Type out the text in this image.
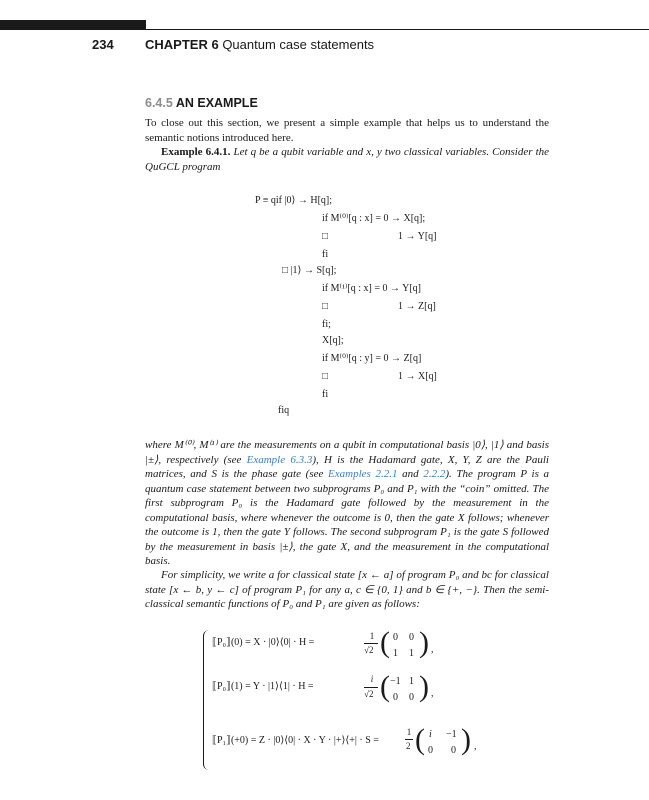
234 CHAPTER 6 Quantum case statements
6.4.5 AN EXAMPLE
To close out this section, we present a simple example that helps us to understand the semantic notions introduced here.
Example 6.4.1. Let q be a qubit variable and x, y two classical variables. Consider the QuGCL program
P ≡ qif |0⟩ → H[q];
if M⁽⁰⁾[q : x] = 0 → X[q];
□	1 → Y[q]
fi
□ |1⟩ → S[q];
if M⁽¹⁾[q : x] = 0 → Y[q]
□	1 → Z[q]
fi;
X[q];
if M⁽⁰⁾[q : y] = 0 → Z[q]
□	1 → X[q]
fi
fiq
where M⁽⁰⁾, M⁽¹⁾ are the measurements on a qubit in computational basis |0⟩, |1⟩ and basis |±⟩, respectively (see Example 6.3.3), H is the Hadamard gate, X, Y, Z are the Pauli matrices, and S is the phase gate (see Examples 2.2.1 and 2.2.2). The program P is a quantum case statement between two subprograms P₀ and P₁ with the “coin” omitted. The first subprogram P₀ is the Hadamard gate followed by the measurement in the computational basis, where whenever the outcome is 0, then the gate X follows; whenever the outcome is 1, then the gate Y follows. The second subprogram P₁ is the gate S followed by the measurement in basis |±⟩, the gate X, and the measurement in the computational basis.
For simplicity, we write a for classical state [x ← a] of program P₀ and bc for classical state [x ← b, y ← c] of program P₁ for any a, c ∈ {0, 1} and b ∈ {+, −}. Then the semi-classical semantic functions of P₀ and P₁ are given as follows:
⟦P₀⟧(0) = X · |0⟩⟨0| · H =
1
√2 ( 0 0
1 1 ) ,
⟦P₀⟧(1) = Y · |1⟩⟨1| · H =
i
√2 ( −1 1
0 0 ) ,
⟦P₁⟧(+0) = Z · |0⟩⟨0| · X · Y · |+⟩⟨+| · S =
1
2 ( i −1
0 0 ) ,
